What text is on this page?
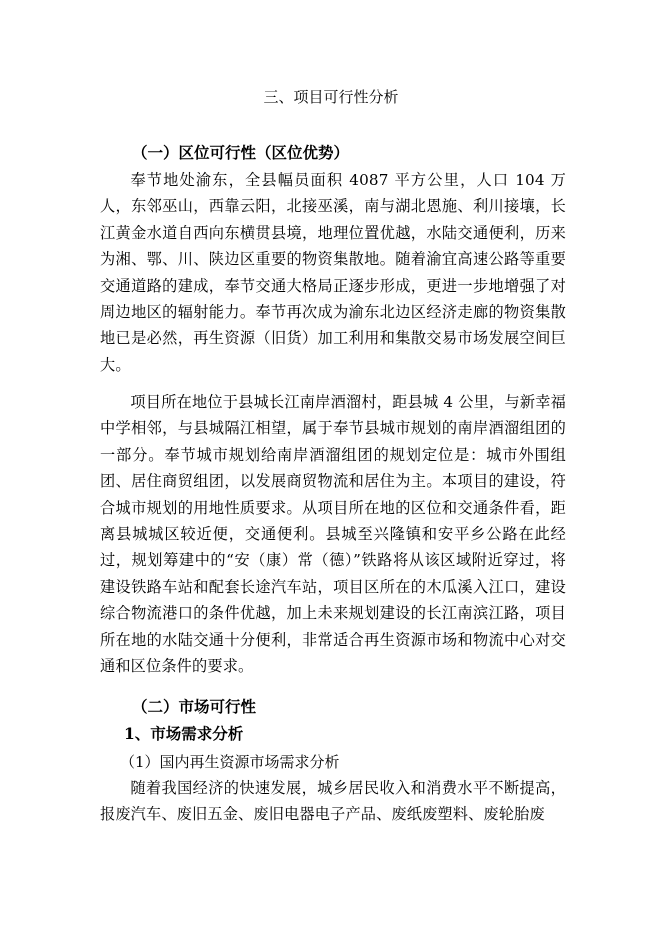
三、项目可行性分析
（一）区位可行性（区位优势）

奉节地处渝东，全县幅员面积 4087 平方公里，人口 104 万人，东邻巫山，西靠云阳，北接巫溪，南与湖北恩施、利川接壤，长江黄金水道自西向东横贯县境，地理位置优越，水陆交通便利，历来为湘、鄂、川、陕边区重要的物资集散地。随着渝宜高速公路等重要交通道路的建成，奉节交通大格局正逐步形成，更进一步地增强了对周边地区的辐射能力。奉节再次成为渝东北边区经济走廊的物资集散地已是必然，再生资源（旧货）加工利用和集散交易市场发展空间巨大。

项目所在地位于县城长江南岸酒溜村，距县城 4 公里，与新幸福中学相邻，与县城隔江相望，属于奉节县城市规划的南岸酒溜组团的一部分。奉节城市规划给南岸酒溜组团的规划定位是：城市外围组团、居住商贸组团，以发展商贸物流和居住为主。本项目的建设，符合城市规划的用地性质要求。从项目所在地的区位和交通条件看，距离县城城区较近便，交通便利。县城至兴隆镇和安平乡公路在此经过，规划筹建中的“安（康）常（德）”铁路将从该区域附近穿过，将建设铁路车站和配套长途汽车站，项目区所在的木瓜溪入江口，建设综合物流港口的条件优越，加上未来规划建设的长江南滨江路，项目所在地的水陆交通十分便利，非常适合再生资源市场和物流中心对交通和区位条件的要求。

（二）市场可行性
1、市场需求分析
（1）国内再生资源市场需求分析

随着我国经济的快速发展，城乡居民收入和消费水平不断提高，报废汽车、废旧五金、废旧电器电子产品、废纸废塑料、废轮胎废
